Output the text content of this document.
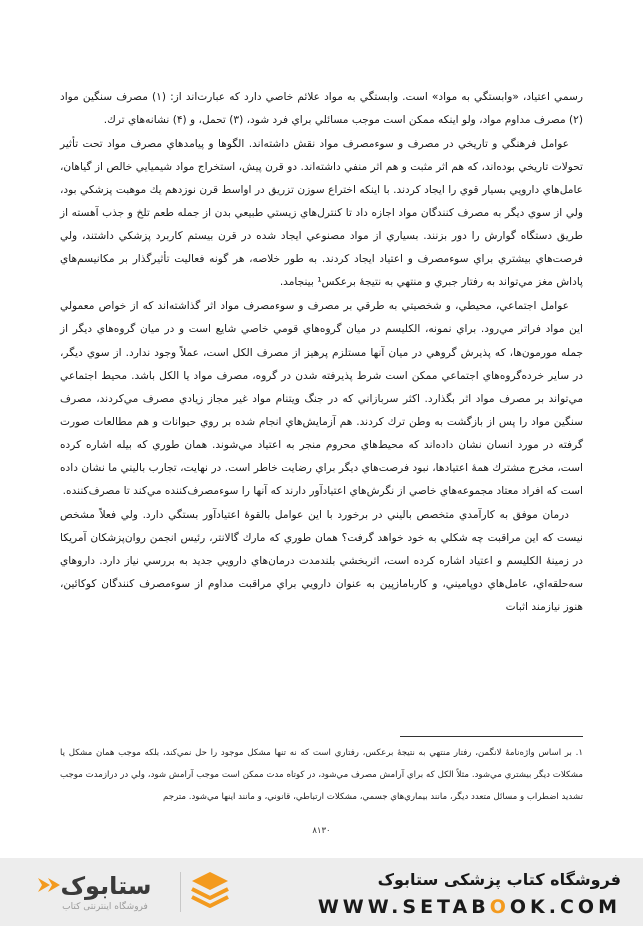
رسمي اعتياد، «وابستگي به مواد» است. وابستگي به مواد علائم خاصي دارد كه عبارت‌اند از: (۱) مصرف سنگين مواد (۲) مصرف مداوم مواد، ولو اينكه ممكن است موجب مسائلي براي فرد شود، (۳) تحمل، و (۴) نشانه‌هاي ترك.

عوامل فرهنگي و تاريخي در مصرف و سوء‌مصرف مواد نقش داشته‌اند. الگوها و پيامدهاي مصرف مواد تحت تأثير تحولات تاريخي بوده‌اند، كه هم اثر مثبت و هم اثر منفي داشته‌اند. دو قرن پيش، استخراج مواد شيميايي خالص از گياهان، عامل‌هاي دارويي بسيار قوي را ايجاد كردند. با اينكه اختراع سوزن تزريق در اواسط قرن نوزدهم يك موهبت پزشكي بود، ولي از سوي ديگر به مصرف كنندگان مواد اجازه داد تا كنترل‌هاي زيستي طبيعي بدن از جمله طعم تلخ و جذب آهسته از طريق دستگاه گوارش را دور بزنند. بسياري از مواد مصنوعي ايجاد شده در قرن بيستم كاربرد پزشكي داشتند، ولي فرصت‌هاي بيشتري براي سوء‌مصرف و اعتياد ايجاد كردند. به طور خلاصه، هر گونه فعاليت تأثيرگذار بر مكانيسم‌هاي پاداش مغز مي‌تواند به رفتار جبري و منتهي به نتيجهٔ برعكس¹ بينجامد.

عوامل اجتماعي، محيطي، و شخصيتي به طرقي بر مصرف و سوء‌مصرف مواد اثر گذاشته‌اند كه از خواص معمولي اين مواد فراتر مي‌رود. براي نمونه، الكليسم در ميان گروه‌هاي قومي خاصي شايع است و در ميان گروه‌هاي ديگر از جمله مورمون‌ها، كه پذيرش گروهي در ميان آنها مستلزم پرهيز از مصرف الكل است، عملاً وجود ندارد. از سوي ديگر، در ساير خرده‌گروه‌هاي اجتماعي ممكن است شرط پذيرفته شدن در گروه، مصرف مواد يا الكل باشد. محيط اجتماعي مي‌تواند بر مصرف مواد اثر بگذارد. اكثر سربازاني كه در جنگ ويتنام مواد غير مجاز زيادي مصرف مي‌كردند، مصرف سنگين مواد را پس از بازگشت به وطن ترك كردند. هم آزمايش‌هاي انجام شده بر روي حيوانات و هم مطالعات صورت گرفته در مورد انسان نشان داده‌اند كه محيط‌هاي محروم منجر به اعتياد مي‌شوند. همان طوري كه بيله اشاره كرده است، مخرج مشترك همهٔ اعتيادها، نبود فرصت‌هاي ديگر براي رضايت خاطر است. در نهايت، تجارب باليني ما نشان داده است كه افراد معتاد مجموعه‌هاي خاصي از نگرش‌هاي اعتيادآور دارند كه آنها را سوء‌مصرف‌كننده مي‌كند تا مصرف‌كننده.

درمان موفق به كارآمدي متخصص باليني در برخورد با اين عوامل بالقوهٔ اعتيادآور بستگي دارد. ولي فعلاً مشخص نيست كه اين مراقبت چه شكلي به خود خواهد گرفت؟ همان طوري كه مارك گالانتر، رئيس انجمن روان‌پزشكان آمريكا در زمينهٔ الكليسم و اعتياد اشاره كرده است، اثربخشي بلندمدت درمان‌هاي دارويي جديد به بررسي نياز دارد. داروهاي سه‌حلقه‌اي، عامل‌هاي دوپاميني، و كاربامازپين به عنوان دارويي براي مراقبت مداوم از سوء‌مصرف كنندگان كوكائين، هنوز نيازمند اثبات

۱. بر اساس واژه‌نامهٔ لانگمن، رفتار منتهي به نتيجهٔ برعكس، رفتاري است كه نه تنها مشكل موجود را حل نمي‌كند، بلكه موجب همان مشكل يا مشكلات ديگر بيشتري مي‌شود. مثلاً الكل كه براي آرامش مصرف مي‌شود، در كوتاه مدت ممكن است موجب آرامش شود، ولي در درازمدت موجب تشديد اضطراب و مسائل متعدد ديگر، مانند بيماري‌هاي جسمي، مشكلات ارتباطي، قانوني، و مانند اينها مي‌شود. مترجم
۸۱۳۰
فروشگاه کتاب پزشکی ستابوک
WWW.SETABOOK.COM
ستابوک
فروشگاه اینترنتی کتاب
